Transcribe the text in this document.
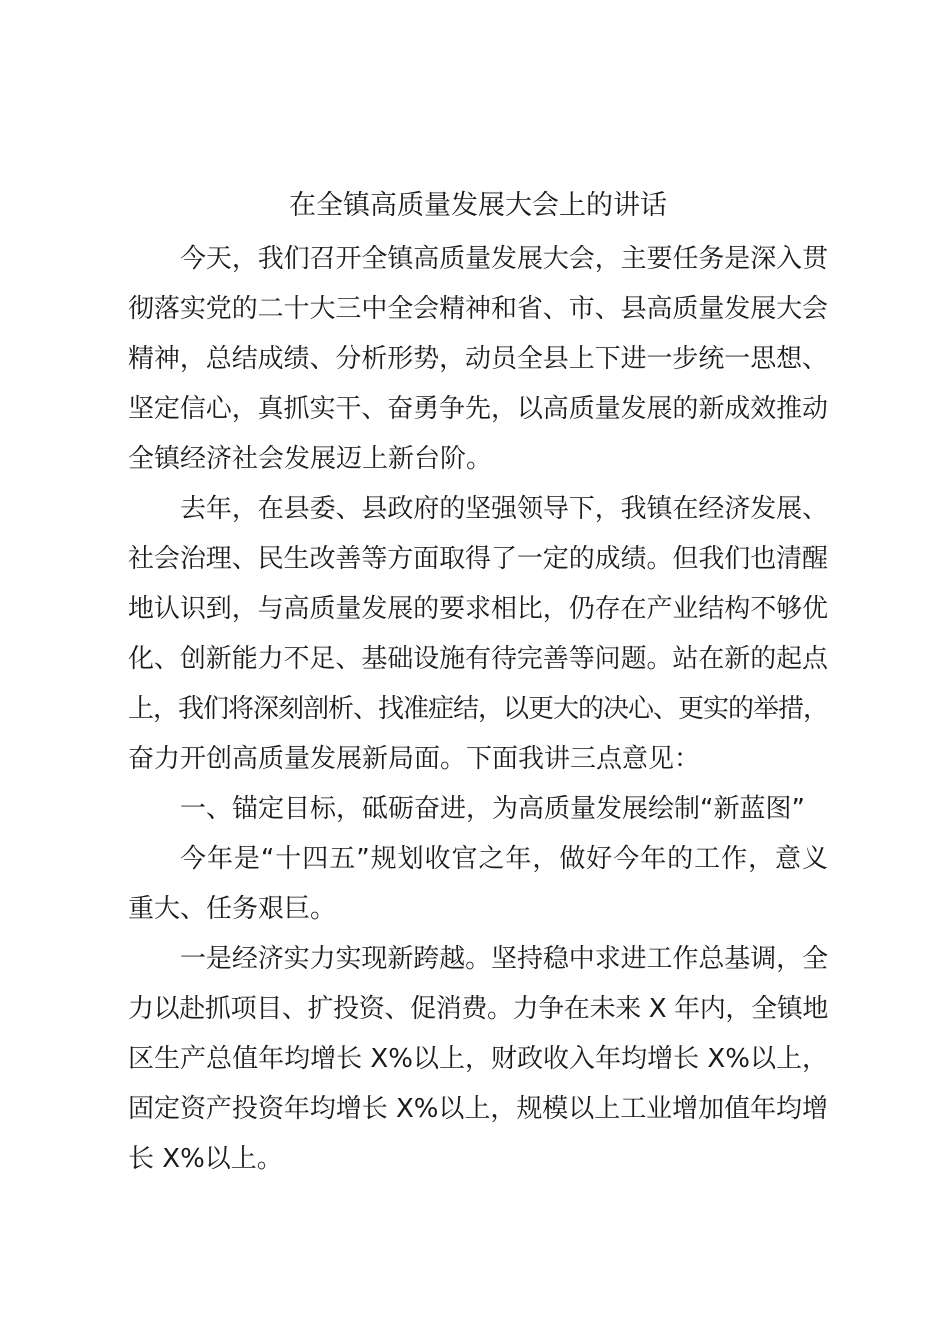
在全镇高质量发展大会上的讲话
今天，我们召开全镇高质量发展大会，主要任务是深入贯
彻落实党的二十大三中全会精神和省、市、县高质量发展大会
精神，总结成绩、分析形势，动员全县上下进一步统一思想、
坚定信心，真抓实干、奋勇争先，以高质量发展的新成效推动
全镇经济社会发展迈上新台阶。
去年，在县委、县政府的坚强领导下，我镇在经济发展、
社会治理、民生改善等方面取得了一定的成绩。但我们也清醒
地认识到，与高质量发展的要求相比，仍存在产业结构不够优
化、创新能力不足、基础设施有待完善等问题。站在新的起点
上，我们将深刻剖析、找准症结，以更大的决心、更实的举措，
奋力开创高质量发展新局面。下面我讲三点意见：
一、锚定目标，砥砺奋进，为高质量发展绘制“新蓝图”
今年是“十四五”规划收官之年，做好今年的工作，意义
重大、任务艰巨。
一是经济实力实现新跨越。坚持稳中求进工作总基调，全
力以赴抓项目、扩投资、促消费。力争在未来 X 年内，全镇地
区生产总值年均增长 X%以上，财政收入年均增长 X%以上，
固定资产投资年均增长 X%以上，规模以上工业增加值年均增
长 X%以上。
